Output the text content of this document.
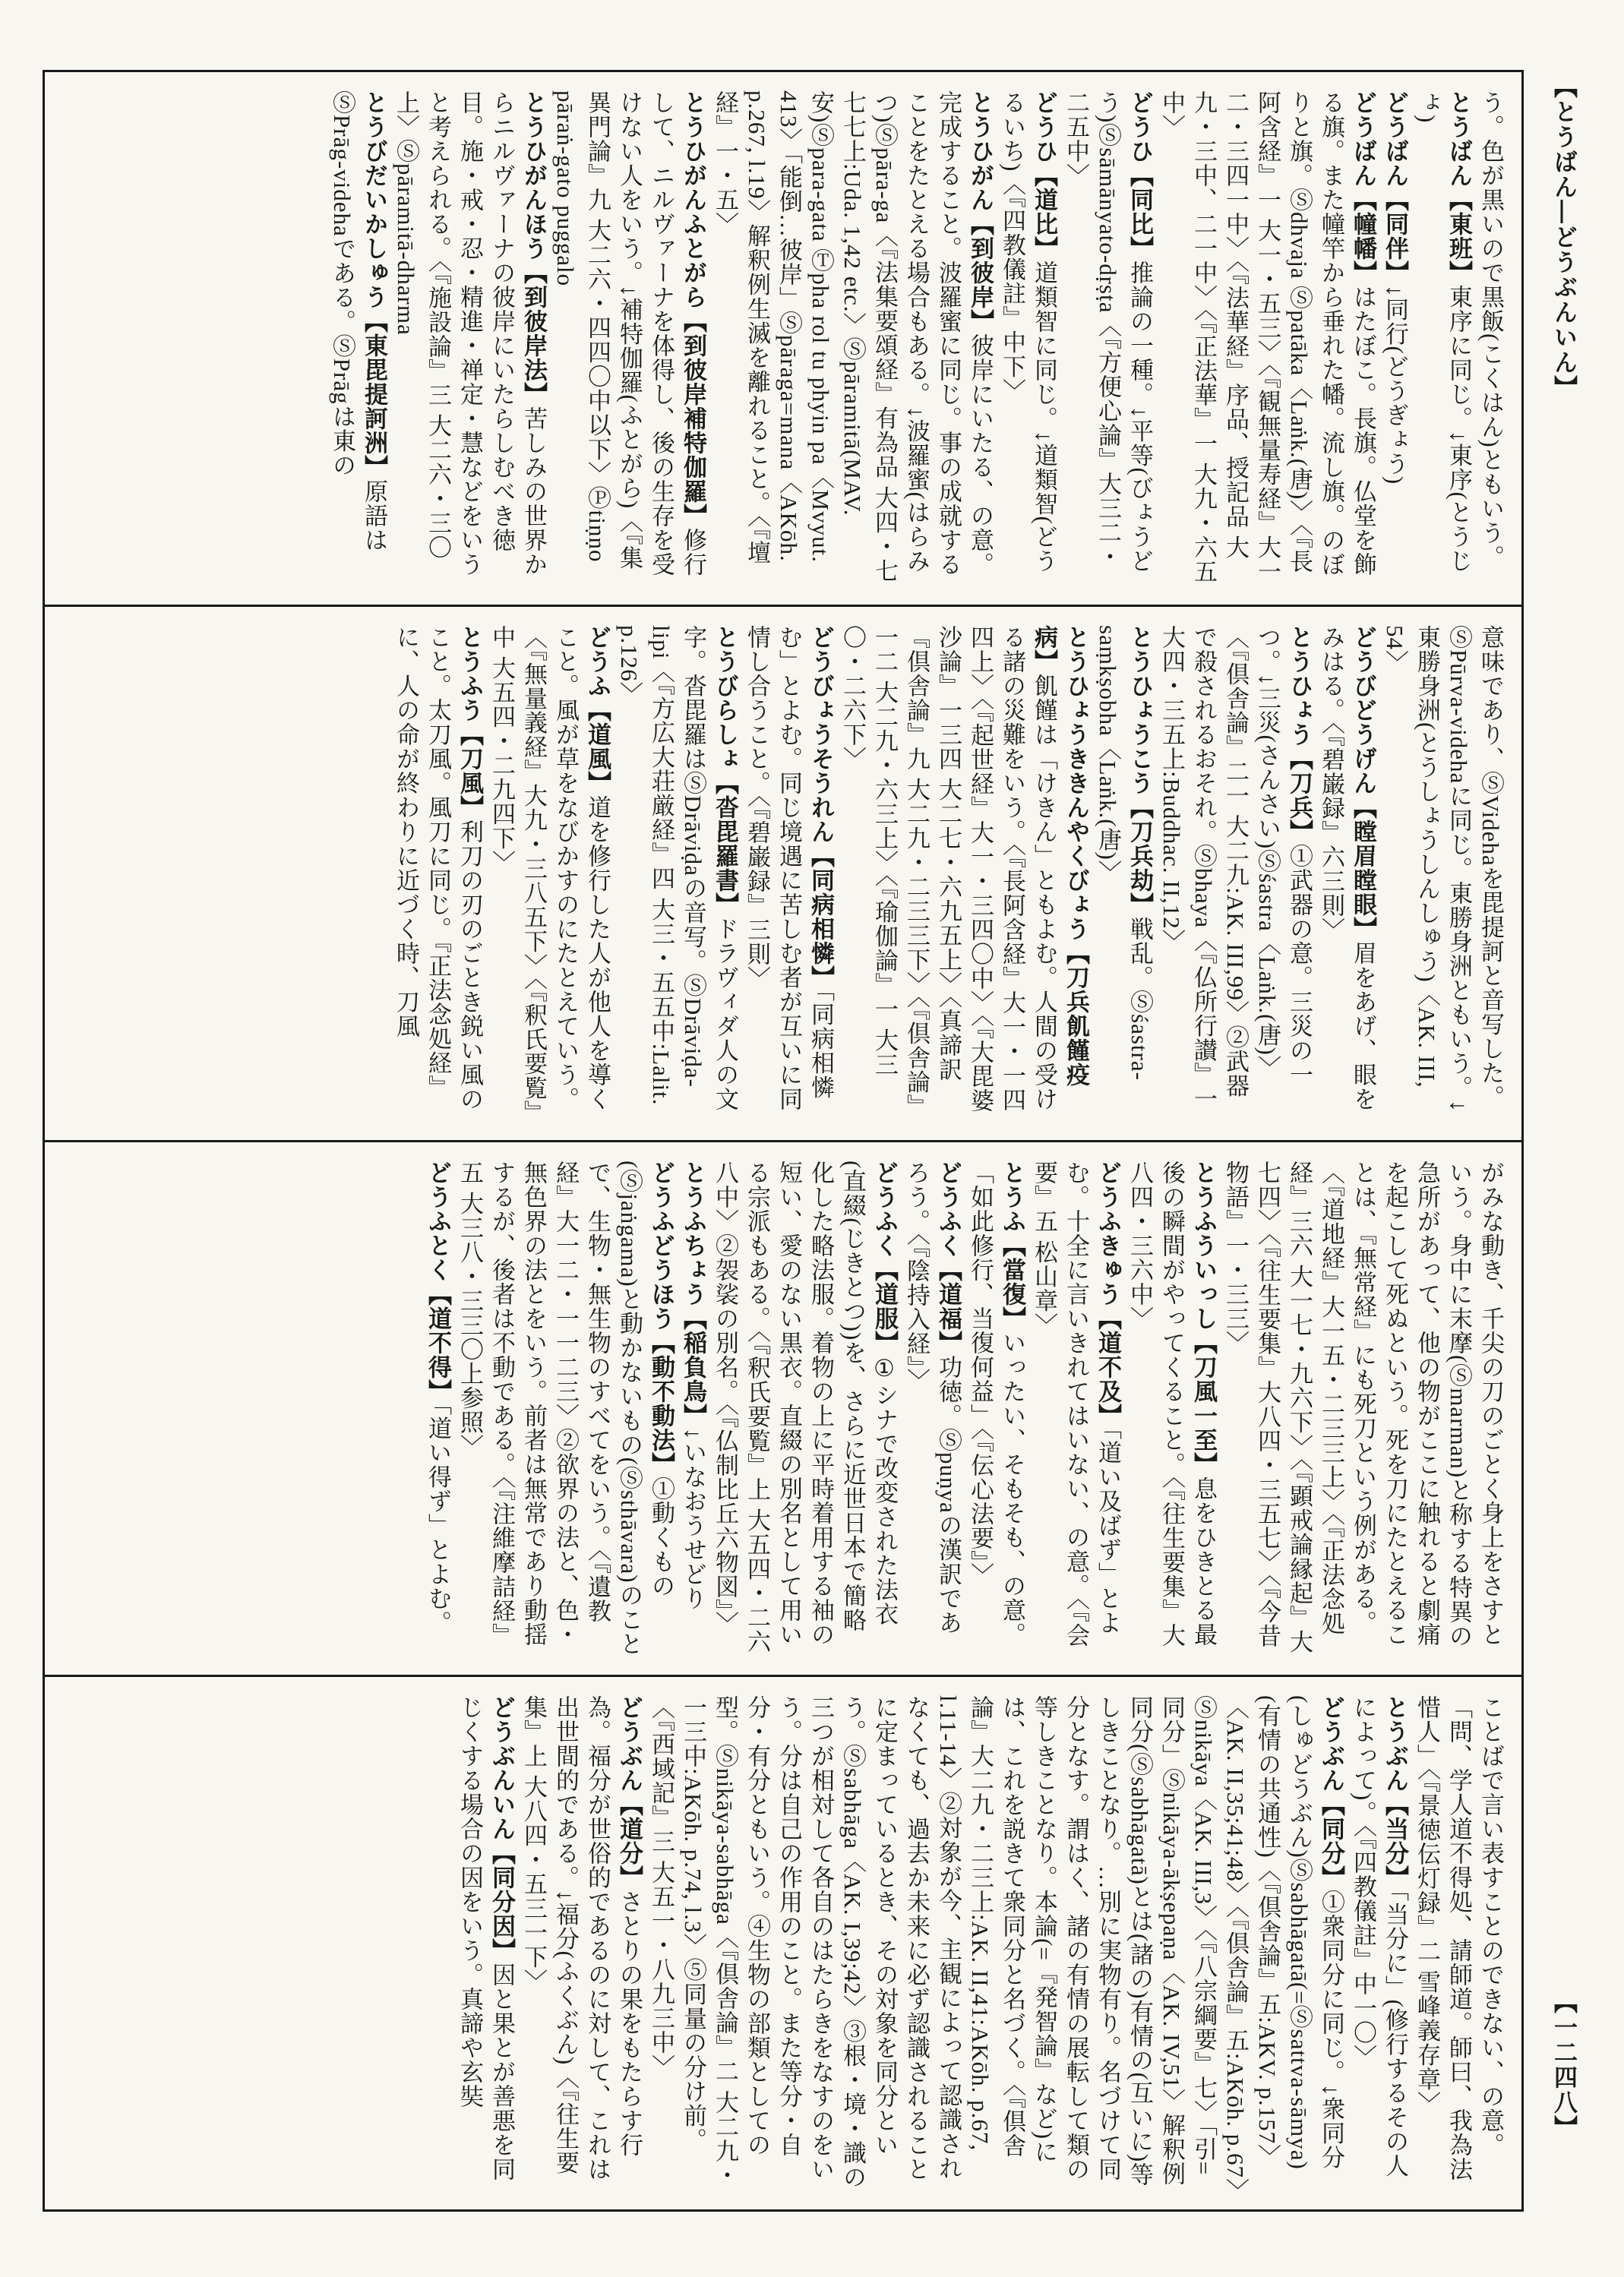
【とうばん―どうぶんいん】
【一二四八】

う。色が黒いので黒飯(こくはん)ともいう。

とうばん【東班】東序に同じ。↓東序(とうじょ)

どうばん【同伴】↓同行(どうぎょう)

どうばん【幢幡】はたぼこ。長旗。仏堂を飾る旗。また幢竿から垂れた幡。流し旗。のぼりと旗。Ⓢdhvaja Ⓢpatāka〈Laṅk.(唐)〉〈『長阿含経』一 大一・五三〉〈『観無量寿経』大一二・三四一中〉〈『法華経』序品、授記品 大九・三中、二一中〉〈『正法華』一 大九・六五中〉

どうひ【同比】推論の一種。↓平等(びょうどう)Ⓢsāmānyato-dṛṣṭa〈『方便心論』大三二・二五中〉

どうひ【道比】道類智に同じ。↓道類智(どうるいち)〈『四教儀註』中下〉

とうひがん【到彼岸】彼岸にいたる、の意。完成すること。波羅蜜に同じ。事の成就することをたとえる場合もある。↓波羅蜜(はらみつ)Ⓢpāra-ga〈『法集要頌経』有為品 大四・七七七上:Uda. 1,42 etc.〉Ⓢpāramitā(MAV. 安)Ⓢpara-gata Ⓣpha rol tu phyin pa〈Mvyut. 413〉「能倒…彼岸」Ⓢpāraga=mana〈AKōh. p.267, l.19〉解釈例生滅を離れること。〈『壇経』一・五〉

とうひがんふとがら【到彼岸補特伽羅】修行して、ニルヴァーナを体得し、後の生存を受けない人をいう。↓補特伽羅(ふとがら)〈『集異門論』九 大二六・四四〇中以下〉Ⓟtiṇṇo pāraṅ-gato puggalo

とうひがんほう【到彼岸法】苦しみの世界からニルヴァーナの彼岸にいたらしむべき徳目。施・戒・忍・精進・禅定・慧などをいうと考えられる。〈『施設論』三 大二六・三〇上〉Ⓢpāramitā-dharma

とうびだいかしゅう【東毘提訶洲】原語はⓈPrāg-videhaである。ⓈPrāgは東の

意味であり、ⓈVidehaを毘提訶と音写した。ⓈPūrva-videhaに同じ。東勝身洲ともいう。↓東勝身洲(とうしょうしんしゅう)〈AK. III, 54〉

どうびどうげん【瞠眉瞠眼】眉をあげ、眼をみはる。〈『碧巌録』六三則〉

とうひょう【刀兵】①武器の意。三災の一つ。↓三災(さんさい)Ⓢśastra〈Laṅk.(唐)〉〈『倶舎論』二一 大二九:AK. III,99〉②武器で殺されるおそれ。Ⓢbhaya〈『仏所行讃』一 大四・三五上:Buddhac. II,12〉

とうひょうこう【刀兵劫】戦乱。Ⓢśastra-saṃkṣobha〈Laṅk.(唐)〉

とうひょうききんやくびょう【刀兵飢饉疫病】飢饉は「けきん」ともよむ。人間の受ける諸の災難をいう。〈『長阿含経』大一・一四四上〉〈『起世経』大一・三四〇中〉〈『大毘婆沙論』一三四 大二七・六九五上〉〈真諦訳『倶舎論』九 大二九・二三三下〉〈『倶舎論』一二 大二九・六三上〉〈『瑜伽論』一 大三〇・二六下〉

どうびょうそうれん【同病相憐】「同病相憐む」とよむ。同じ境遇に苦しむ者が互いに同情し合うこと。〈『碧巌録』三則〉

とうびらしょ【沓毘羅書】ドラヴィダ人の文字。沓毘羅はⓈDrāviḍaの音写。ⓈDrāviḍa-lipi〈『方広大荘厳経』四 大三・五五中:Lalit. p.126〉

どうふ【道風】道を修行した人が他人を導くこと。風が草をなびかすのにたとえていう。〈『無量義経』大九・三八五下〉〈『釈氏要覧』中 大五四・二九四下〉

とうふう【刀風】利刀の刃のごとき鋭い風のこと。太刀風。風刀に同じ。『正法念処経』に、人の命が終わりに近づく時、刀風

がみな動き、千尖の刀のごとく身上をさすという。身中に末摩(Ⓢmarman)と称する特異の急所があって、他の物がここに触れると劇痛を起こして死ぬという。死を刀にたとえることは、『無常経』にも死刀という例がある。〈『道地経』大一五・二三三上〉〈『正法念処経』三六 大一七・九六下〉〈『顕戒論縁起』大七四〉〈『往生要集』大八四・三五七〉〈『今昔物語』一・三三〉

とうふういっし【刀風一至】息をひきとる最後の瞬間がやってくること。〈『往生要集』大八四・三六中〉

どうふきゅう【道不及】「道い及ばず」とよむ。十全に言いきれてはいない、の意。〈『会要』五 松山章〉

とうふ【當復】いったい、そもそも、の意。「如此修行、当復何益」〈『伝心法要』〉

どうふく【道福】功徳。Ⓢpuṇyaの漢訳であろう。〈『陰持入経』〉

どうふく【道服】①シナで改変された法衣(直綴(じきとつ))を、さらに近世日本で簡略化した略法服。着物の上に平時着用する袖の短い、愛のない黒衣。直綴の別名として用いる宗派もある。〈『釈氏要覧』上 大五四・二六八中〉②袈裟の別名。〈『仏制比丘六物図』〉

とうふちょう【稲負鳥】↓いなおうせどり

どうふどうほう【動不動法】①動くもの(Ⓢjaṅgama)と動かないもの(Ⓢsthāvara)のことで、生物・無生物のすべてをいう。〈『遺教経』大一二・一一二三〉②欲界の法と、色・無色界の法とをいう。前者は無常であり動揺するが、後者は不動である。〈『注維摩詰経』五 大三八・三三〇上参照〉

どうふとく【道不得】「道い得ず」とよむ。

ことばで言い表すことのできない、の意。「問、学人道不得処、請師道。師曰、我為法惜人」〈『景徳伝灯録』二 雪峰義存章〉

とうぶん【当分】「当分に」(修行するその人によって)。〈『四教儀註』中一〇〉

どうぶん【同分】①衆同分に同じ。↓衆同分(しゅどうぶん)Ⓢsabhāgatā(=Ⓢsattva-sāmya)(有情の共通性)〈『倶舎論』五:AKV. p.157〉〈AK. II,35;41;48〉〈『倶舎論』五:AKōh. p.67〉Ⓢnikāya〈AK. III,3〉〈『八宗綱要』七〉「引=同分」Ⓢnikāya-ākṣepaṇa〈AK. IV,51〉解釈例同分(Ⓢsabhāgatā)とは(諸の)有情の(互いに)等しきことなり。…別に実物有り。名づけて同分となす。謂はく、諸の有情の展転して類の等しきことなり。本論(=『発智論』など)には、これを説きて衆同分と名づく。〈『倶舎論』大二九・二三上:AK. II,41:AKōh. p.67, l.11-14〉②対象が今、主観によって認識されなくても、過去か未来に必ず認識されることに定まっているとき、その対象を同分という。Ⓢsabhāga〈AK. I,39;42〉③根・境・識の三つが相対して各自のはたらきをなすのをいう。分は自己の作用のこと。また等分・自分・有分ともいう。④生物の部類としての型。Ⓢnikāya-sabhāga〈『倶舎論』二 大二九・一三中:AKōh. p.74, l.3〉⑤同量の分け前。〈『西域記』三 大五一・八九三中〉

どうぶん【道分】さとりの果をもたらす行為。福分が世俗的であるのに対して、これは出世間的である。↓福分(ふくぶん)〈『往生要集』上 大八四・五三一下〉

どうぶんいん【同分因】因と果とが善悪を同じくする場合の因をいう。真諦や玄奘
